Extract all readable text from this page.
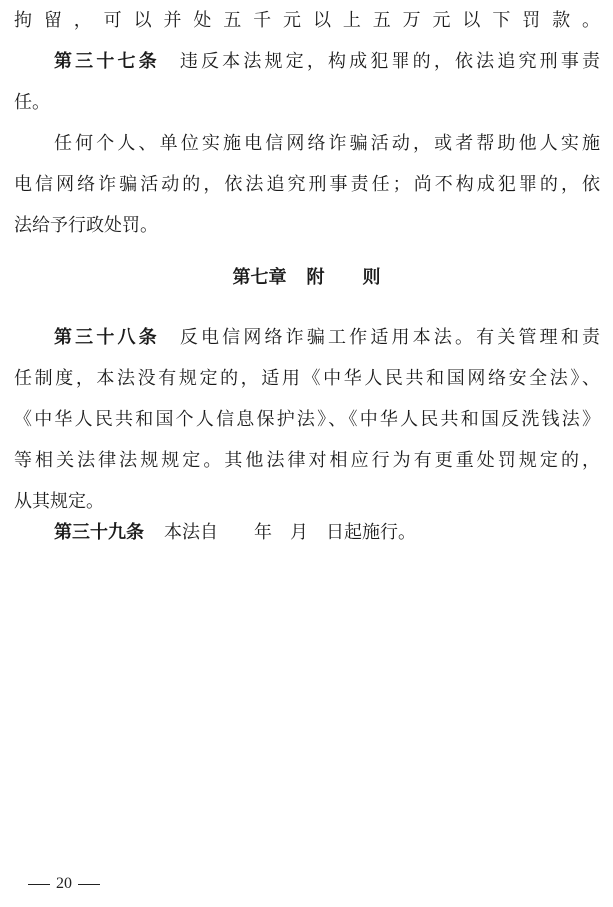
拘留，可以并处五千元以上五万元以下罚款。
第三十七条 违反本法规定，构成犯罪的，依法追究刑事责
任。
任何个人、单位实施电信网络诈骗活动，或者帮助他人实施
电信网络诈骗活动的，依法追究刑事责任；尚不构成犯罪的，依
法给予行政处罚。
第七章 附 则
第三十八条 反电信网络诈骗工作适用本法。有关管理和责
任制度，本法没有规定的，适用《中华人民共和国网络安全法》、
《中华人民共和国个人信息保护法》、《中华人民共和国反洗钱法》
等相关法律法规规定。其他法律对相应行为有更重处罚规定的，
从其规定。
第三十九条 本法自　　年　月　日起施行。
20
